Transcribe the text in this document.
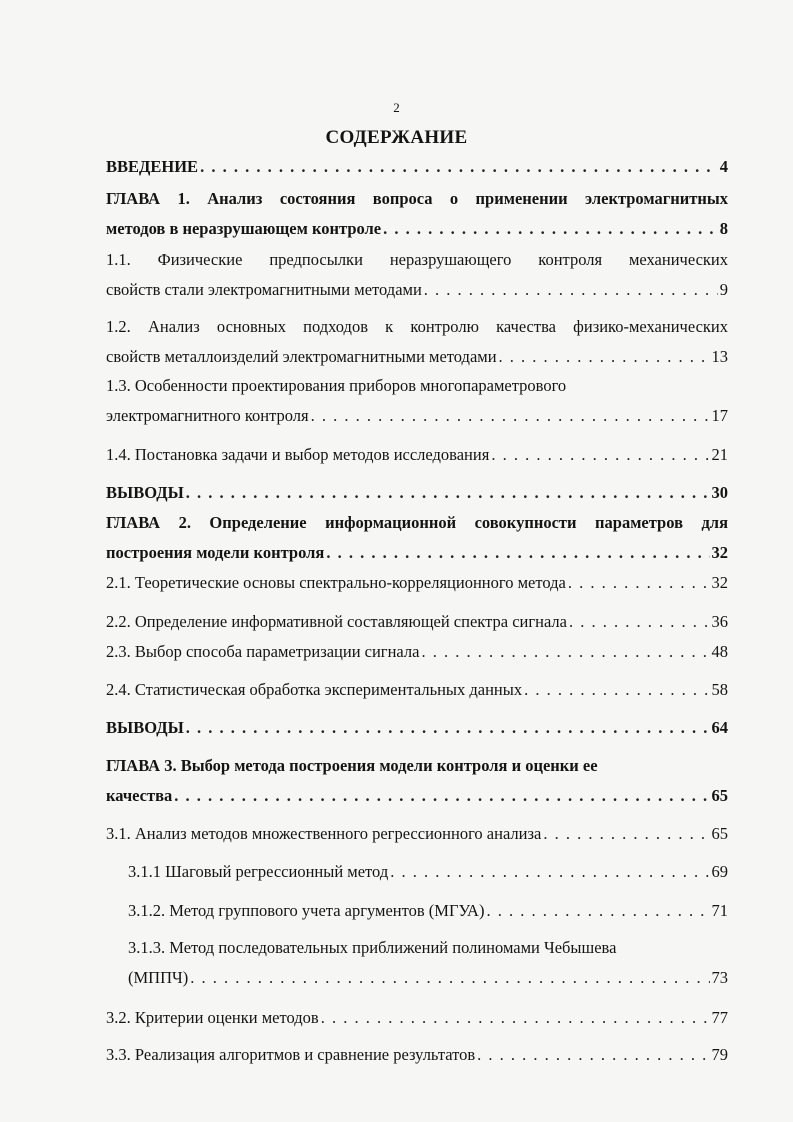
2
СОДЕРЖАНИЕ
ВВЕДЕНИЕ . . .	4
ГЛАВА 1. Анализ состояния вопроса о применении электромагнитных
методов в неразрушающем контроле . . .	8
1.1. Физические предпосылки неразрушающего контроля механических
свойств стали электромагнитными методами . . .	9
1.2. Анализ основных подходов к контролю качества физико-механических
свойств металлоизделий электромагнитными методами . . .	13
1.3. Особенности проектирования приборов многопараметрового
электромагнитного контроля . . .	17
1.4. Постановка задачи и выбор методов исследования . . .	21
ВЫВОДЫ . . .	30
ГЛАВА 2. Определение информационной совокупности параметров для
построения модели контроля . . .	32
2.1. Теоретические основы спектрально-корреляционного метода . . .	32
2.2. Определение информативной составляющей спектра сигнала . . .	36
2.3. Выбор способа параметризации сигнала . . .	48
2.4. Статистическая обработка экспериментальных данных . . .	58
ВЫВОДЫ . . .	64
ГЛАВА 3. Выбор метода построения модели контроля и оценки ее
качества . . .	65
3.1. Анализ методов множественного регрессионного анализа . . .	65
3.1.1 Шаговый регрессионный метод . . .	69
3.1.2. Метод группового учета аргументов (МГУА) . . .	71
3.1.3. Метод последовательных приближений полиномами Чебышева
(МППЧ) . . .	73
3.2. Критерии оценки методов . . .	77
3.3. Реализация алгоритмов и сравнение результатов . . .	79
